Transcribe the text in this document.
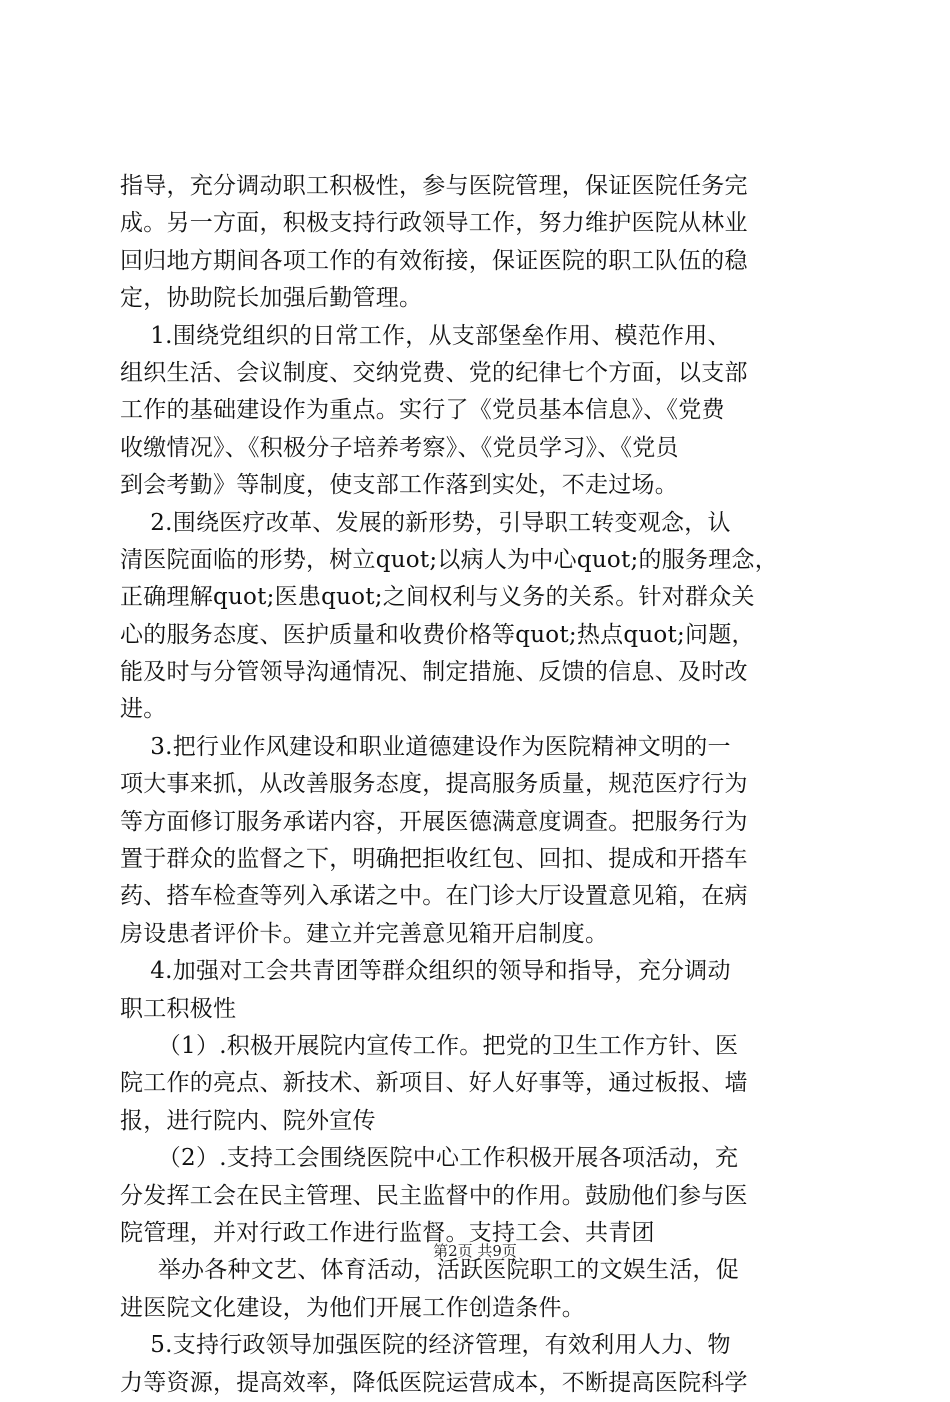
指导，充分调动职工积极性，参与医院管理，保证医院任务完
成。另一方面，积极支持行政领导工作，努力维护医院从林业
回归地方期间各项工作的有效衔接，保证医院的职工队伍的稳
定，协助院长加强后勤管理。
1.围绕党组织的日常工作，从支部堡垒作用、模范作用、
组织生活、会议制度、交纳党费、党的纪律七个方面，以支部
工作的基础建设作为重点。实行了《党员基本信息》、《党费
收缴情况》、《积极分子培养考察》、《党员学习》、《党员
到会考勤》等制度，使支部工作落到实处，不走过场。
2.围绕医疗改革、发展的新形势，引导职工转变观念，认
清医院面临的形势，树立quot;以病人为中心quot;的服务理念，
正确理解quot;医患quot;之间权利与义务的关系。针对群众关
心的服务态度、医护质量和收费价格等quot;热点quot;问题，
能及时与分管领导沟通情况、制定措施、反馈的信息、及时改
进。
3.把行业作风建设和职业道德建设作为医院精神文明的一
项大事来抓，从改善服务态度，提高服务质量，规范医疗行为
等方面修订服务承诺内容，开展医德满意度调查。把服务行为
置于群众的监督之下，明确把拒收红包、回扣、提成和开搭车
药、搭车检查等列入承诺之中。在门诊大厅设置意见箱，在病
房设患者评价卡。建立并完善意见箱开启制度。
4.加强对工会共青团等群众组织的领导和指导，充分调动
职工积极性
（1）.积极开展院内宣传工作。把党的卫生工作方针、医
院工作的亮点、新技术、新项目、好人好事等，通过板报、墙
报，进行院内、院外宣传
（2）.支持工会围绕医院中心工作积极开展各项活动，充
分发挥工会在民主管理、民主监督中的作用。鼓励他们参与医
院管理，并对行政工作进行监督。支持工会、共青团
举办各种文艺、体育活动，活跃医院职工的文娱生活，促
进医院文化建设，为他们开展工作创造条件。
5.支持行政领导加强医院的经济管理，有效利用人力、物
力等资源，提高效率，降低医院运营成本，不断提高医院科学
第2页 共9页
